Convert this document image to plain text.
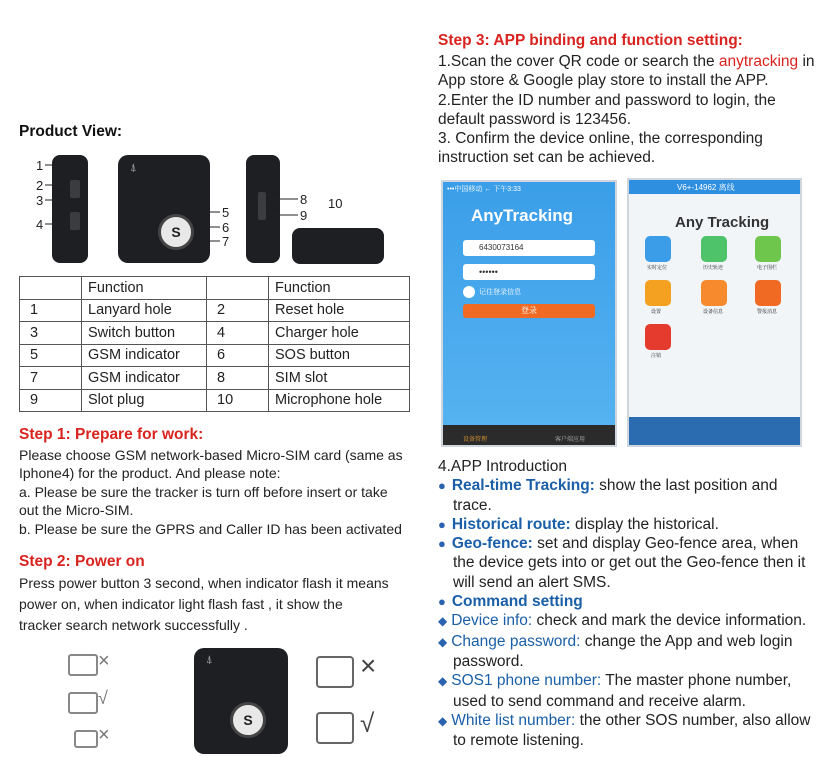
Product View:
⍋
S
1
2
3
4
5
6
7
8
9
10
	Function		Function
1	Lanyard hole	2	Reset hole
3	Switch button	4	Charger hole
5	GSM indicator	6	SOS button
7	GSM indicator	8	SIM slot
9	Slot plug	10	Microphone hole
Step 1: Prepare for work:
Please choose GSM network-based Micro-SIM card (same as
Iphone4) for the product. And please note:
a. Please be sure the tracker is turn off before insert or take
out the Micro-SIM.
b. Please be sure the GPRS and Caller ID has been activated
Step 2: Power on
Press power button 3 second, when indicator flash it means
power on, when indicator light flash fast , it show the
tracker search network successfully .
×
√
×
⍋
S
×
√
Step 3: APP binding and function setting:
1.Scan the cover QR code or search the anytracking in
App store & Google play store to install the APP.
2.Enter the ID number and password to login, the
default password is 123456.
3. Confirm the device online, the corresponding
instruction set can be achieved.
•••中国移动 ← 下午3:33
AnyTracking
6430073164
••••••
记住登录信息
登录
设备管理	客户端应用
V6+-14962 离线
Any Tracking
实时定位	历史轨迹	电子围栏
设置	设备信息	警报消息
注销
4.APP Introduction
● Real-time Tracking: show the last position and
trace.
● Historical route: display the historical.
● Geo-fence: set and display Geo-fence area, when
the device gets into or get out the Geo-fence then it
will send an alert SMS.
● Command setting
◆ Device info: check and mark the device information.
◆ Change password: change the App and web login
password.
◆ SOS1 phone number: The master phone number,
used to send command and receive alarm.
◆ White list number: the other SOS number, also allow
to remote listening.
